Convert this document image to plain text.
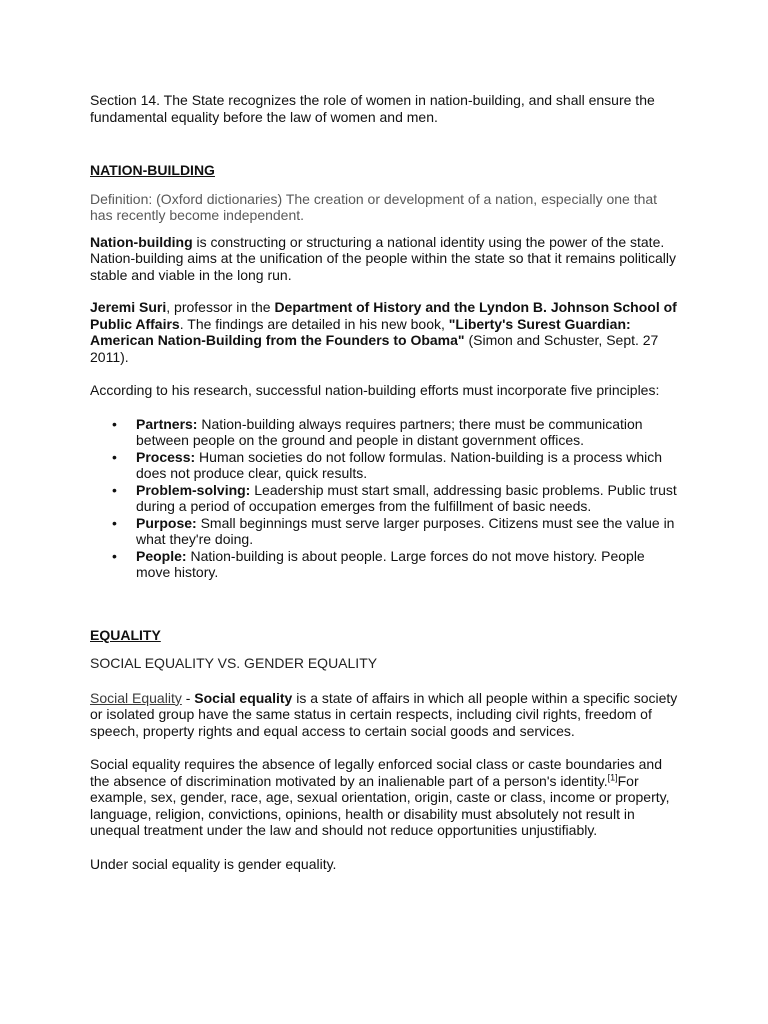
Section 14. The State recognizes the role of women in nation-building, and shall ensure the fundamental equality before the law of women and men.

NATION-BUILDING

Definition: (Oxford dictionaries) The creation or development of a nation, especially one that has recently become independent.

Nation-building is constructing or structuring a national identity using the power of the state. Nation-building aims at the unification of the people within the state so that it remains politically stable and viable in the long run.

Jeremi Suri, professor in the Department of History and the Lyndon B. Johnson School of Public Affairs. The findings are detailed in his new book, "Liberty's Surest Guardian: American Nation-Building from the Founders to Obama" (Simon and Schuster, Sept. 27 2011).

According to his research, successful nation-building efforts must incorporate five principles:

• Partners: Nation-building always requires partners; there must be communication between people on the ground and people in distant government offices.
• Process: Human societies do not follow formulas. Nation-building is a process which does not produce clear, quick results.
• Problem-solving: Leadership must start small, addressing basic problems. Public trust during a period of occupation emerges from the fulfillment of basic needs.
• Purpose: Small beginnings must serve larger purposes. Citizens must see the value in what they're doing.
• People: Nation-building is about people. Large forces do not move history. People move history.

EQUALITY

SOCIAL EQUALITY VS. GENDER EQUALITY

Social Equality - Social equality is a state of affairs in which all people within a specific society or isolated group have the same status in certain respects, including civil rights, freedom of speech, property rights and equal access to certain social goods and services.

Social equality requires the absence of legally enforced social class or caste boundaries and the absence of discrimination motivated by an inalienable part of a person's identity.[1]For example, sex, gender, race, age, sexual orientation, origin, caste or class, income or property, language, religion, convictions, opinions, health or disability must absolutely not result in unequal treatment under the law and should not reduce opportunities unjustifiably.

Under social equality is gender equality.
